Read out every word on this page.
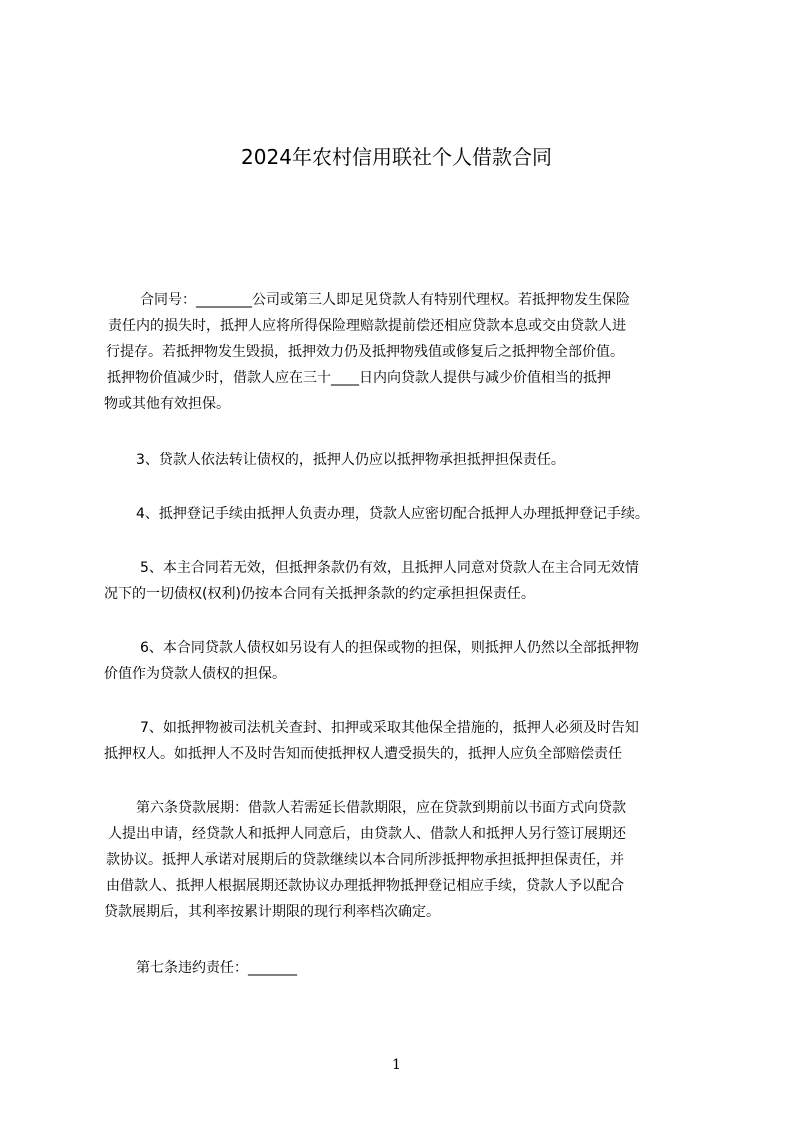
2024年农村信用联社个人借款合同

合同号：________公司或第三人即足见贷款人有特别代理权。若抵押物发生保险

责任内的损失时，抵押人应将所得保险理赔款提前偿还相应贷款本息或交由贷款人进

行提存。若抵押物发生毁损，抵押效力仍及抵押物残值或修复后之抵押物全部价值。

抵押物价值减少时，借款人应在三十____日内向贷款人提供与减少价值相当的抵押

物或其他有效担保。

3、贷款人依法转让债权的，抵押人仍应以抵押物承担抵押担保责任。

4、抵押登记手续由抵押人负责办理，贷款人应密切配合抵押人办理抵押登记手续。

5、本主合同若无效，但抵押条款仍有效，且抵押人同意对贷款人在主合同无效情

况下的一切债权(权利)仍按本合同有关抵押条款的约定承担担保责任。

6、本合同贷款人债权如另设有人的担保或物的担保，则抵押人仍然以全部抵押物

价值作为贷款人债权的担保。

7、如抵押物被司法机关查封、扣押或采取其他保全措施的，抵押人必须及时告知

抵押权人。如抵押人不及时告知而使抵押权人遭受损失的，抵押人应负全部赔偿责任

第六条贷款展期：借款人若需延长借款期限，应在贷款到期前以书面方式向贷款

人提出申请，经贷款人和抵押人同意后，由贷款人、借款人和抵押人另行签订展期还

款协议。抵押人承诺对展期后的贷款继续以本合同所涉抵押物承担抵押担保责任，并

由借款人、抵押人根据展期还款协议办理抵押物抵押登记相应手续，贷款人予以配合

贷款展期后，其利率按累计期限的现行利率档次确定。

第七条违约责任：_______

1
